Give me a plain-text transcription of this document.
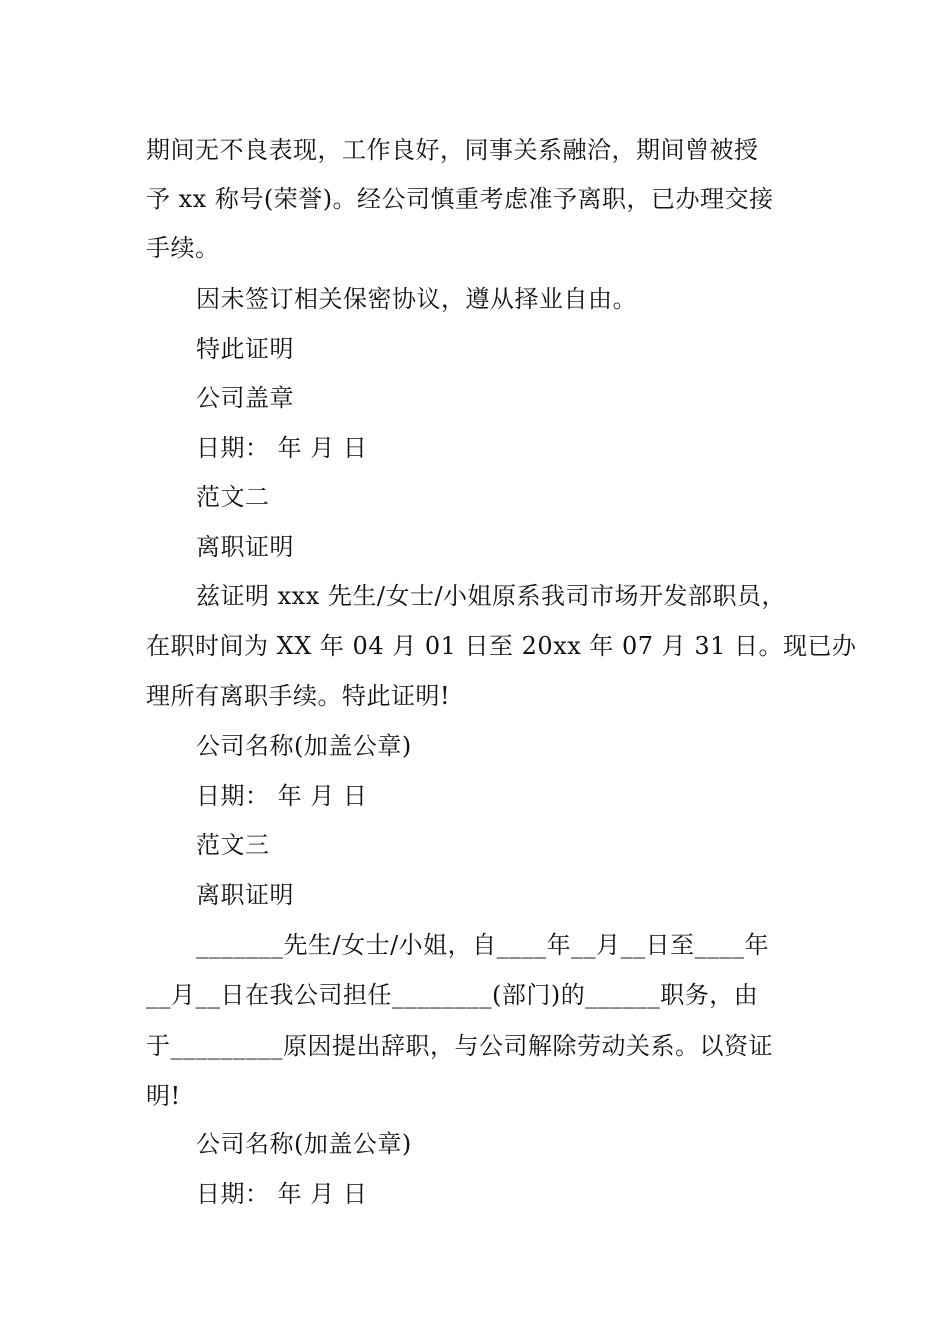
期间无不良表现，工作良好，同事关系融洽，期间曾被授
予 xx 称号(荣誉)。经公司慎重考虑准予离职，已办理交接
手续。
因未签订相关保密协议，遵从择业自由。
特此证明
公司盖章
日期： 年 月 日
范文二
离职证明
兹证明 xxx 先生/女士/小姐原系我司市场开发部职员，
在职时间为 XX 年 04 月 01 日至 20xx 年 07 月 31 日。现已办
理所有离职手续。特此证明!
公司名称(加盖公章)
日期： 年 月 日
范文三
离职证明
_______先生/女士/小姐，自____年__月__日至____年
__月__日在我公司担任________(部门)的______职务，由
于_________原因提出辞职，与公司解除劳动关系。以资证
明!
公司名称(加盖公章)
日期： 年 月 日
